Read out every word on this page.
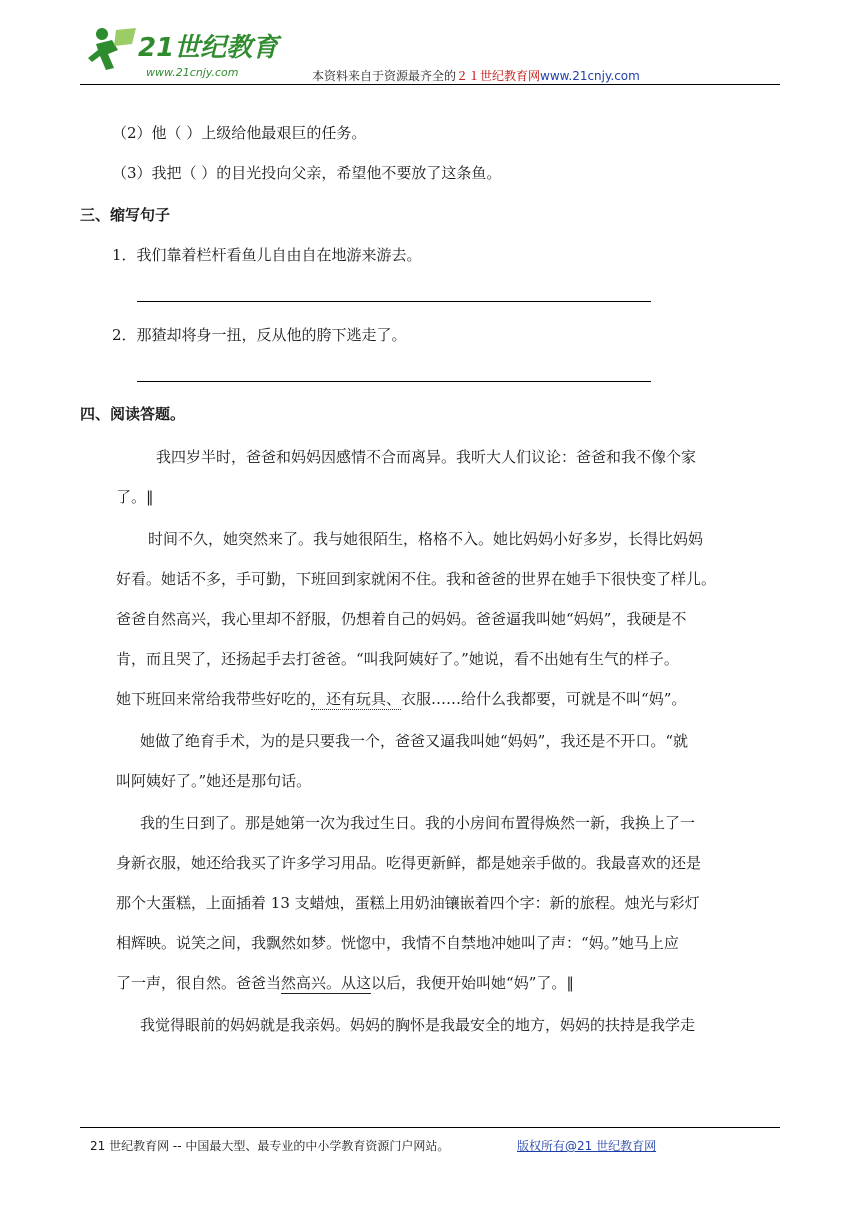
21世纪教育
www.21cnjy.com	本资料来自于资源最齐全的２１世纪教育网www.21cnjy.com
（2）他（ ）上级给他最艰巨的任务。
（3）我把（ ）的目光投向父亲，希望他不要放了这条鱼。
三、缩写句子
1．我们靠着栏杆看鱼儿自由自在地游来游去。
2．那猹却将身一扭，反从他的胯下逃走了。
四、阅读答题。
我四岁半时，爸爸和妈妈因感情不合而离异。我听大人们议论：爸爸和我不像个家
了。‖
时间不久，她突然来了。我与她很陌生，格格不入。她比妈妈小好多岁，长得比妈妈
好看。她话不多，手可勤，下班回到家就闲不住。我和爸爸的世界在她手下很快变了样儿。
爸爸自然高兴，我心里却不舒服，仍想着自己的妈妈。爸爸逼我叫她“妈妈”，我硬是不
肯，而且哭了，还扬起手去打爸爸。“叫我阿姨好了。”她说，看不出她有生气的样子。
她下班回来常给我带些好吃的，还有玩具、衣服……给什么我都要，可就是不叫“妈”。
她做了绝育手术，为的是只要我一个，爸爸又逼我叫她“妈妈”，我还是不开口。“就
叫阿姨好了。”她还是那句话。
我的生日到了。那是她第一次为我过生日。我的小房间布置得焕然一新，我换上了一
身新衣服，她还给我买了许多学习用品。吃得更新鲜，都是她亲手做的。我最喜欢的还是
那个大蛋糕，上面插着 13 支蜡烛，蛋糕上用奶油镶嵌着四个字：新的旅程。烛光与彩灯
相辉映。说笑之间，我飘然如梦。恍惚中，我情不自禁地冲她叫了声：“妈。”她马上应
了一声，很自然。爸爸当然高兴。从这以后，我便开始叫她“妈”了。‖
我觉得眼前的妈妈就是我亲妈。妈妈的胸怀是我最安全的地方，妈妈的扶持是我学走
21 世纪教育网 -- 中国最大型、最专业的中小学教育资源门户网站。	版权所有@21 世纪教育网
